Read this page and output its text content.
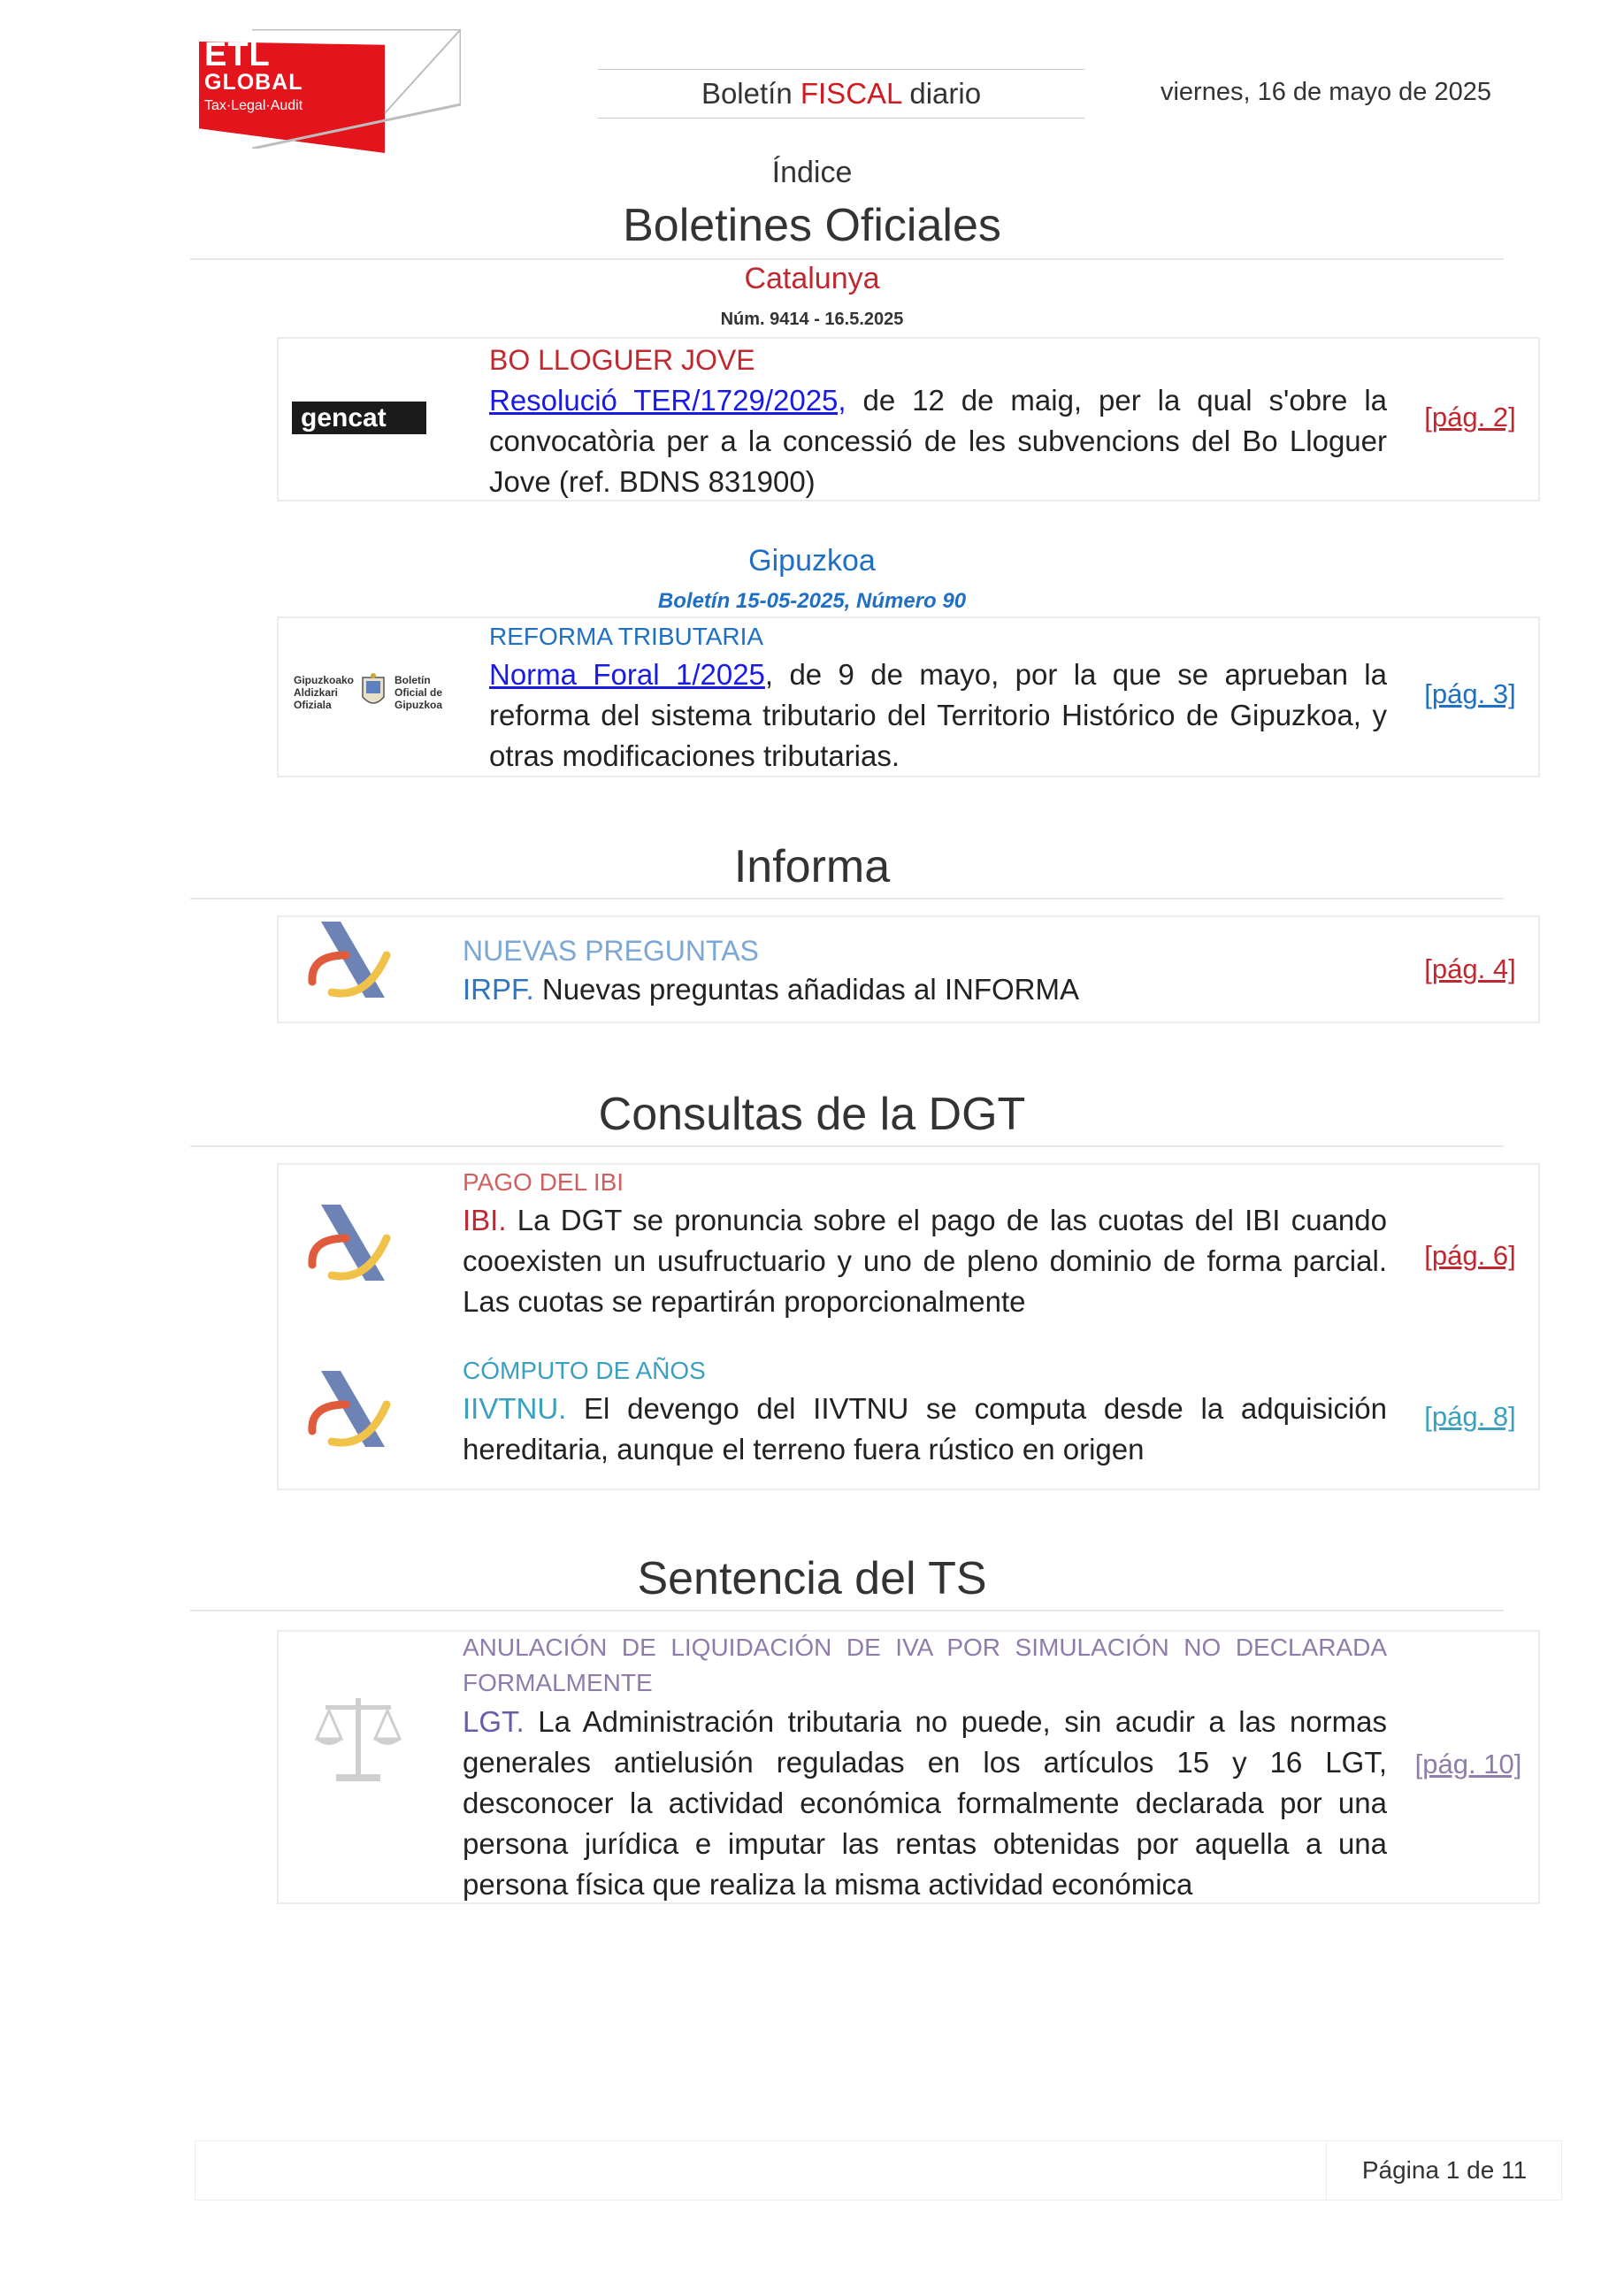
ETL
GLOBAL
Tax·Legal·Audit	Boletín FISCAL diario	viernes, 16 de mayo de 2025
Índice
Boletines Oficiales
Catalunya
Núm. 9414 - 16.5.2025
gencat
BO LLOGUER JOVE
Resolució TER/1729/2025, de 12 de maig, per la qual s'obre la convocatòria per a la concessió de les subvencions del Bo Lloguer Jove (ref. BDNS 831900)
[pág. 2]
Gipuzkoa
Boletín 15-05-2025, Número 90
Gipuzkoako Aldizkari Ofiziala
Boletín Oficial de Gipuzkoa
REFORMA TRIBUTARIA
Norma Foral 1/2025, de 9 de mayo, por la que se aprueban la reforma del sistema tributario del Territorio Histórico de Gipuzkoa, y otras modificaciones tributarias.
[pág. 3]
Informa
NUEVAS PREGUNTAS
IRPF. Nuevas preguntas añadidas al INFORMA
[pág. 4]
Consultas de la DGT
PAGO DEL IBI
IBI. La DGT se pronuncia sobre el pago de las cuotas del IBI cuando cooexisten un usufructuario y uno de pleno dominio de forma parcial. Las cuotas se repartirán proporcionalmente
[pág. 6]
CÓMPUTO DE AÑOS
IIVTNU. El devengo del IIVTNU se computa desde la adquisición hereditaria, aunque el terreno fuera rústico en origen
[pág. 8]
Sentencia del TS
ANULACIÓN DE LIQUIDACIÓN DE IVA POR SIMULACIÓN NO DECLARADA FORMALMENTE
LGT. La Administración tributaria no puede, sin acudir a las normas generales antielusión reguladas en los artículos 15 y 16 LGT, desconocer la actividad económica formalmente declarada por una persona jurídica e imputar las rentas obtenidas por aquella a una persona física que realiza la misma actividad económica
[pág. 10]
Página 1 de 11
